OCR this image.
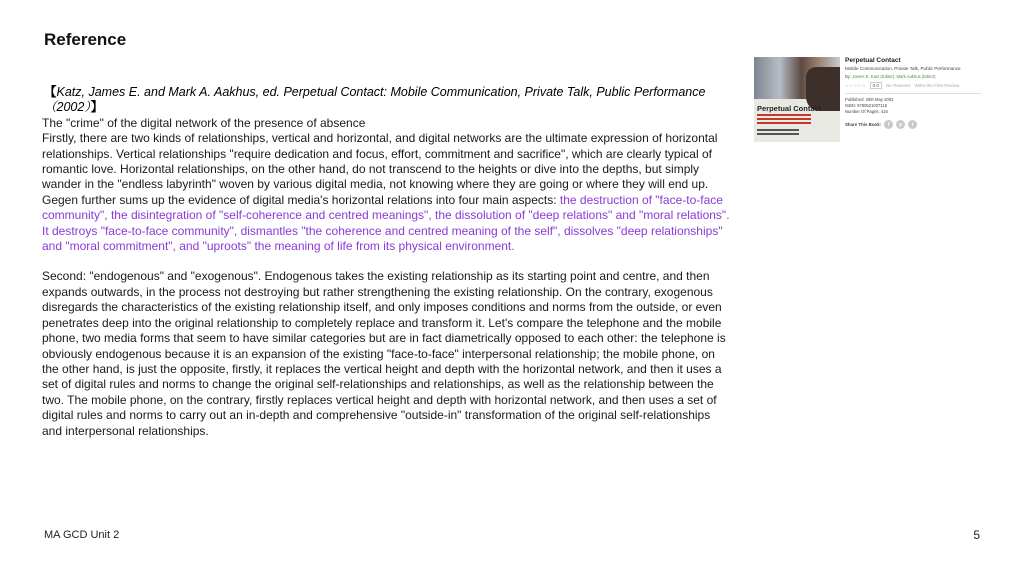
Reference
【Katz, James E. and Mark A. Aakhus, ed. Perpetual Contact: Mobile Communication, Private Talk, Public Performance （2002）】

The "crime" of the digital network of the presence of absence

Firstly, there are two kinds of relationships, vertical and horizontal, and digital networks are the ultimate expression of horizontal relationships. Vertical relationships "require dedication and focus, effort, commitment and sacrifice", which are clearly typical of romantic love. Horizontal relationships, on the other hand, do not transcend to the heights or dive into the depths, but simply wander in the "endless labyrinth" woven by various digital media, not knowing where they are going or where they will end up. Gegen further sums up the evidence of digital media's horizontal relations into four main aspects: the destruction of "face-to-face community", the disintegration of "self-coherence and centred meanings", the dissolution of "deep relations" and "moral relations". It destroys "face-to-face community", dismantles "the coherence and centred meaning of the self", dissolves "deep relationships" and "moral commitment", and "uproots" the meaning of life from its physical environment.

Second: "endogenous" and "exogenous". Endogenous takes the existing relationship as its starting point and centre, and then expands outwards, in the process not destroying but rather strengthening the existing relationship. On the contrary, exogenous disregards the characteristics of the existing relationship itself, and only imposes conditions and norms from the outside, or even penetrates deep into the original relationship to completely replace and transform it. Let's compare the telephone and the mobile phone, two media forms that seem to have similar categories but are in fact diametrically opposed to each other: the telephone is obviously endogenous because it is an expansion of the existing "face-to-face" interpersonal relationship; the mobile phone, on the other hand, is just the opposite, firstly, it replaces the vertical height and depth with the horizontal network, and then it uses a set of digital rules and norms to change the original self-relationships and relationships, as well as the relationship between the two. The mobile phone, on the contrary, firstly replaces vertical height and depth with horizontal network, and then uses a set of digital rules and norms to carry out an in-depth and comprehensive "outside-in" transformation of the original self-relationships and interpersonal relationships.

Perpetual Contact
Perpetual Contact
Mobile Communication, Private Talk, Public Performance
By: James E. Katz (Editor), Mark Aakhus (Editor)
☆☆☆☆☆	0.0	No Reviews Write the First Review
Published: 25th May 2002
ISBN: 9780521007115
Number Of Pages: 416
Share This Book:	f	p	t
MA GCD Unit 2	5
